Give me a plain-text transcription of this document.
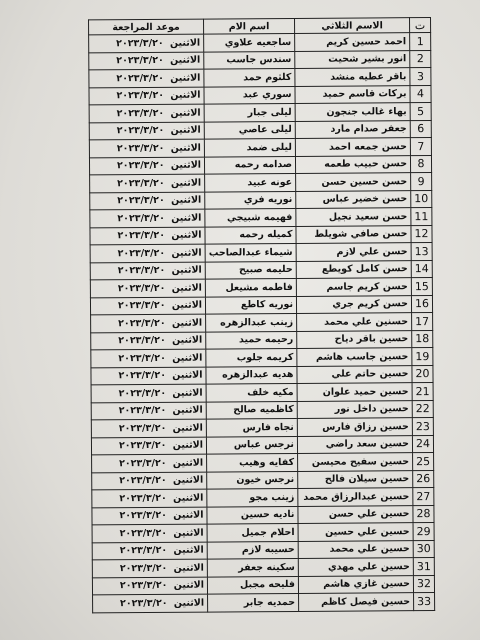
ت	الاسم الثلاثي	اسم الام	موعد المراجعة
1	احمد حسين كريم	ساجعيه علاوي	الاثنين ٢٠٢٣/٣/٢٠
2	انور بشير شحيت	سندس جاسب	الاثنين ٢٠٢٣/٣/٢٠
3	باقر عطيه منشد	كلثوم حمد	الاثنين ٢٠٢٣/٣/٢٠
4	بركات قاسم حميد	سوري عبد	الاثنين ٢٠٢٣/٣/٢٠
5	بهاء غالب جنجون	ليلى جبار	الاثنين ٢٠٢٣/٣/٢٠
6	جعفر صدام مارد	ليلى عاصي	الاثنين ٢٠٢٣/٣/٢٠
7	حسن جمعه احمد	ليلى ضمد	الاثنين ٢٠٢٣/٣/٢٠
8	حسن حبيب طعمه	صدامه رحمه	الاثنين ٢٠٢٣/٣/٢٠
9	حسن حسين حسن	عونه عبيد	الاثنين ٢٠٢٣/٣/٢٠
10	حسن خضير عباس	نوريه فري	الاثنين ٢٠٢٣/٣/٢٠
11	حسن سعيد نجيل	فهيمه شبيجي	الاثنين ٢٠٢٣/٣/٢٠
12	حسن صافي شويلط	كميله رحمه	الاثنين ٢٠٢٣/٣/٢٠
13	حسن علي لازم	شيماء عبدالصاحب	الاثنين ٢٠٢٣/٣/٢٠
14	حسن كامل كويطع	حليمه صبيح	الاثنين ٢٠٢٣/٣/٢٠
15	حسن كريم جاسم	فاطمه مشيعل	الاثنين ٢٠٢٣/٣/٢٠
16	حسن كريم جري	نوريه كاطع	الاثنين ٢٠٢٣/٣/٢٠
17	حسنين علي محمد	زينب عبدالزهره	الاثنين ٢٠٢٣/٣/٢٠
18	حسين باقر دياح	رحيمه حميد	الاثنين ٢٠٢٣/٣/٢٠
19	حسين جاسب هاشم	كريمه جلوب	الاثنين ٢٠٢٣/٣/٢٠
20	حسين حاتم علي	هديه عبدالزهره	الاثنين ٢٠٢٣/٣/٢٠
21	حسين حميد علوان	مكيه خلف	الاثنين ٢٠٢٣/٣/٢٠
22	حسين داخل نور	كاظميه صالح	الاثنين ٢٠٢٣/٣/٢٠
23	حسين رزاق فارس	نجاه فارس	الاثنين ٢٠٢٣/٣/٢٠
24	حسين سعد راضي	نرجس عباس	الاثنين ٢٠٢٣/٣/٢٠
25	حسين سفيح محيسن	كفايه وهيب	الاثنين ٢٠٢٣/٣/٢٠
26	حسين سيلان فالح	نرجس خيون	الاثنين ٢٠٢٣/٣/٢٠
27	حسين عبدالرزاق محمد	زينب مجو	الاثنين ٢٠٢٣/٣/٢٠
28	حسين علي حسن	ناديه حسين	الاثنين ٢٠٢٣/٣/٢٠
29	حسين علي حسين	احلام جميل	الاثنين ٢٠٢٣/٣/٢٠
30	حسين علي محمد	حسيبه لازم	الاثنين ٢٠٢٣/٣/٢٠
31	حسين علي مهدي	سكينه جعفر	الاثنين ٢٠٢٣/٣/٢٠
32	حسين غازي هاشم	فليحه مجبل	الاثنين ٢٠٢٣/٣/٢٠
33	حسين فيصل كاظم	حمديه جابر	الاثنين ٢٠٢٣/٣/٢٠
